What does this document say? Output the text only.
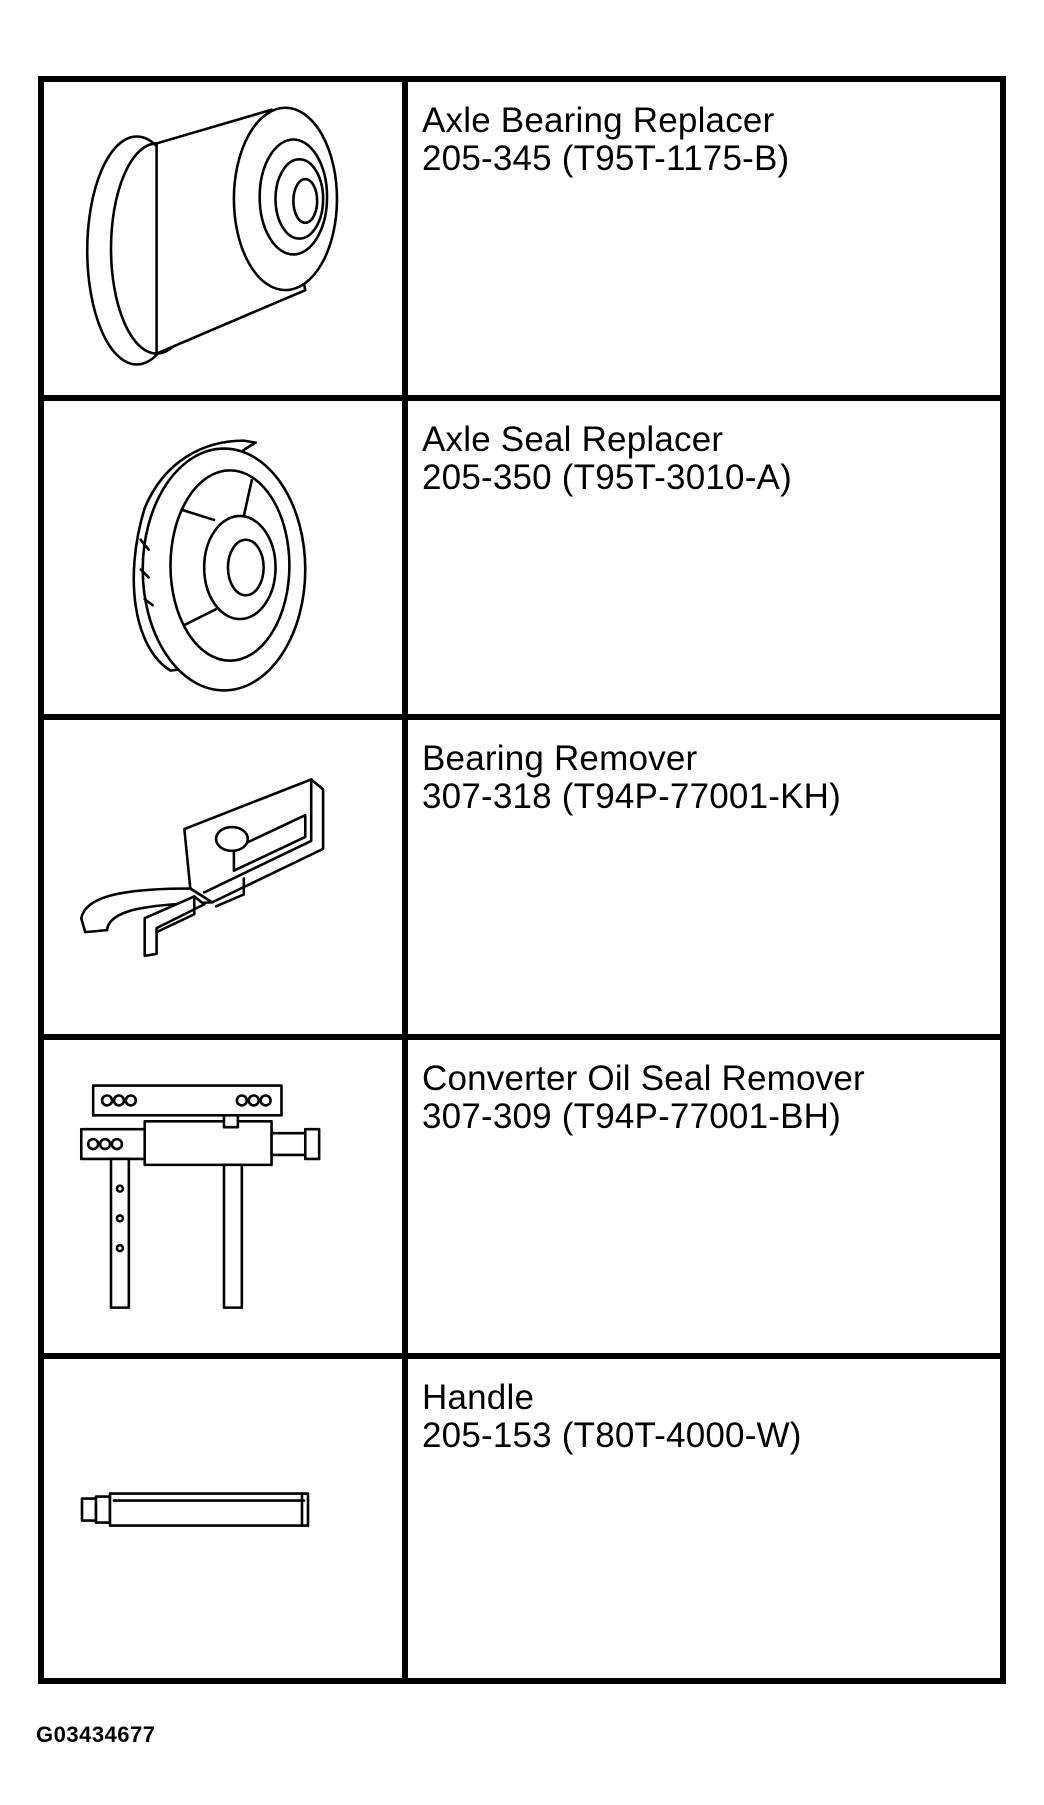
Axle Bearing Replacer
205-345 (T95T-1175-B)
Axle Seal Replacer
205-350 (T95T-3010-A)
Bearing Remover
307-318 (T94P-77001-KH)
Converter Oil Seal Remover
307-309 (T94P-77001-BH)
Handle
205-153 (T80T-4000-W)
G03434677
